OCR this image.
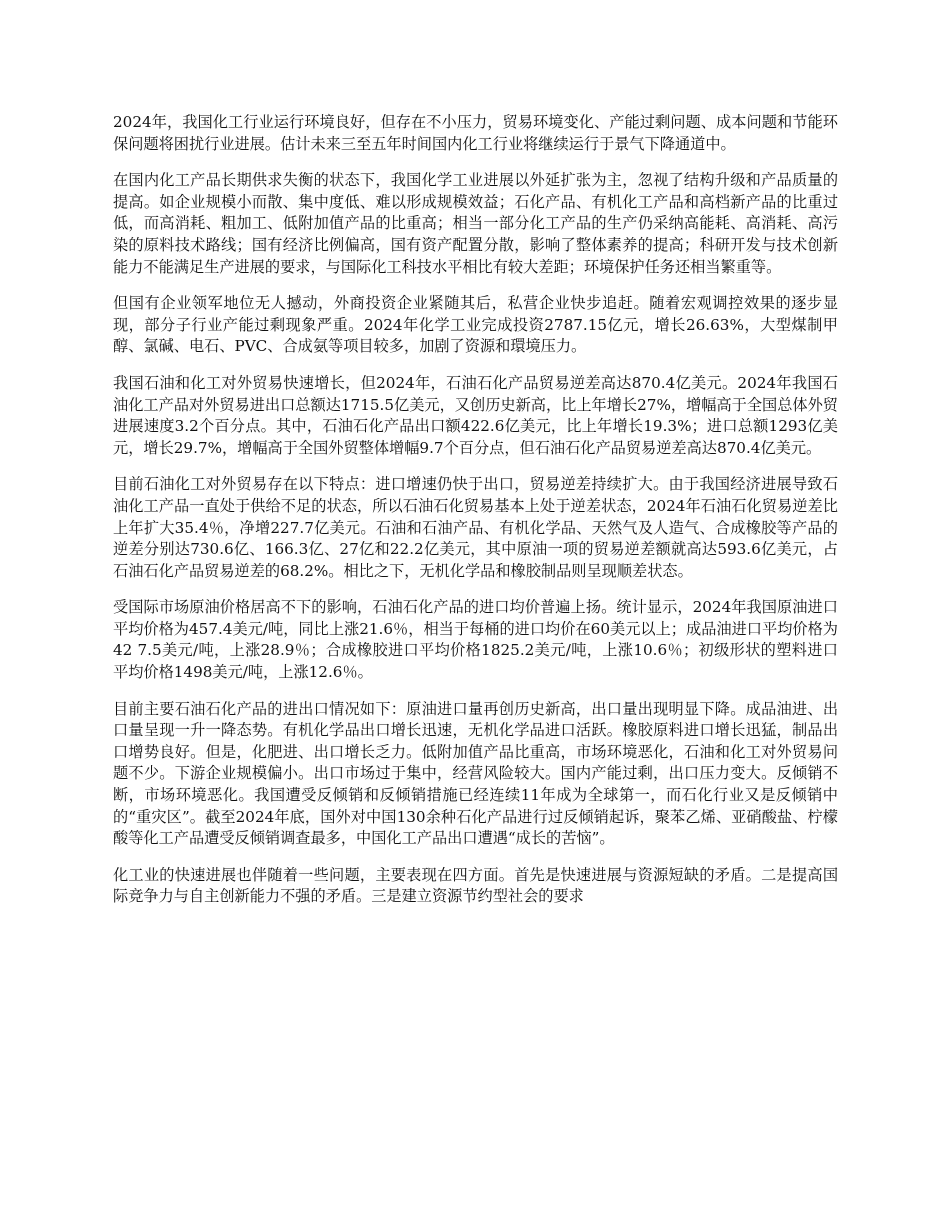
2024年，我国化工行业运行环境良好，但存在不小压力，贸易环境变化、产能过剩问题、成本问题和节能环保问题将困扰行业进展。估计未来三至五年时间国内化工行业将继续运行于景气下降通道中。

在国内化工产品长期供求失衡的状态下，我国化学工业进展以外延扩张为主，忽视了结构升级和产品质量的提高。如企业规模小而散、集中度低、难以形成规模效益；石化产品、有机化工产品和高档新产品的比重过低，而高消耗、粗加工、低附加值产品的比重高；相当一部分化工产品的生产仍采纳高能耗、高消耗、高污染的原料技术路线；国有经济比例偏高，国有资产配置分散，影响了整体素养的提高；科研开发与技术创新能力不能满足生产进展的要求，与国际化工科技水平相比有较大差距；环境保护任务还相当繁重等。

但国有企业领军地位无人撼动，外商投资企业紧随其后，私营企业快步追赶。随着宏观调控效果的逐步显现，部分子行业产能过剩现象严重。2024年化学工业完成投资2787.15亿元，增长26.63%，大型煤制甲醇、氯碱、电石、PVC、合成氨等项目较多，加剧了资源和環境压力。

我国石油和化工对外贸易快速增长，但2024年，石油石化产品贸易逆差高达870.4亿美元。2024年我国石油化工产品对外贸易进出口总额达1715.5亿美元，又创历史新高，比上年增长27%，增幅高于全国总体外贸进展速度3.2个百分点。其中，石油石化产品出口额422.6亿美元，比上年增长19.3%；进口总额1293亿美元，增长29.7%，增幅高于全国外贸整体增幅9.7个百分点，但石油石化产品贸易逆差高达870.4亿美元。

目前石油化工对外贸易存在以下特点：进口增速仍快于出口，贸易逆差持续扩大。由于我国经济进展导致石油化工产品一直处于供给不足的状态，所以石油石化贸易基本上处于逆差状态，2024年石油石化贸易逆差比上年扩大35.4％，净增227.7亿美元。石油和石油产品、有机化学品、天然气及人造气、合成橡胶等产品的逆差分别达730.6亿、166.3亿、27亿和22.2亿美元，其中原油一项的贸易逆差额就高达593.6亿美元，占石油石化产品贸易逆差的68.2%。相比之下，无机化学品和橡胶制品则呈现顺差状态。

受国际市场原油价格居高不下的影响，石油石化产品的进口均价普遍上扬。统计显示，2024年我国原油进口平均价格为457.4美元/吨，同比上涨21.6％，相当于每桶的进口均价在60美元以上；成品油进口平均价格为42 7.5美元/吨，上涨28.9％；合成橡胶进口平均价格1825.2美元/吨，上涨10.6％；初级形状的塑料进口平均价格1498美元/吨，上涨12.6％。

目前主要石油石化产品的进出口情况如下：原油进口量再创历史新高，出口量出现明显下降。成品油进、出口量呈现一升一降态势。有机化学品出口增长迅速，无机化学品进口活跃。橡胶原料进口增长迅猛，制品出口增势良好。但是，化肥进、出口增长乏力。低附加值产品比重高，市场环境恶化，石油和化工对外贸易问题不少。下游企业规模偏小。出口市场过于集中，经营风险较大。国内产能过剩，出口压力变大。反倾销不断，市场环境恶化。我国遭受反倾销和反倾销措施已经连续11年成为全球第一，而石化行业又是反倾销中的“重灾区”。截至2024年底，国外对中国130余种石化产品进行过反倾销起诉，聚苯乙烯、亚硝酸盐、柠檬酸等化工产品遭受反倾销调查最多，中国化工产品出口遭遇“成长的苦恼”。

化工业的快速进展也伴随着一些问题，主要表现在四方面。首先是快速进展与资源短缺的矛盾。二是提高国际竞争力与自主创新能力不强的矛盾。三是建立资源节约型社会的要求
